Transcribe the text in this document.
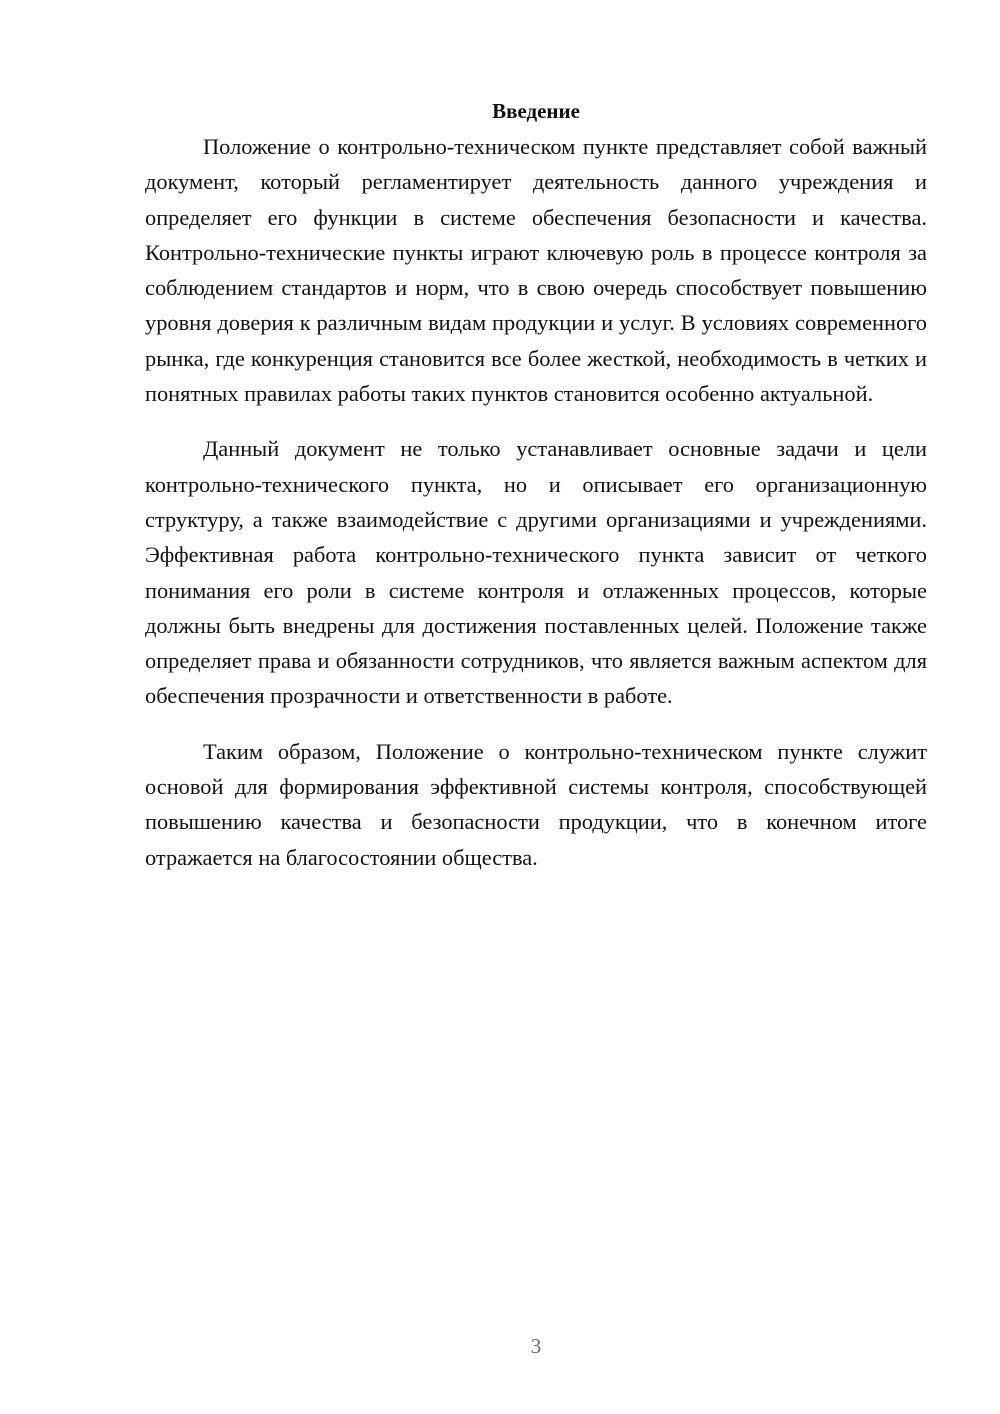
Введение

Положение о контрольно-техническом пункте представляет собой важный документ, который регламентирует деятельность данного учреждения и определяет его функции в системе обеспечения безопасности и качества. Контрольно-технические пункты играют ключевую роль в процессе контроля за соблюдением стандартов и норм, что в свою очередь способствует повышению уровня доверия к различным видам продукции и услуг. В условиях современного рынка, где конкуренция становится все более жесткой, необходимость в четких и понятных правилах работы таких пунктов становится особенно актуальной.

Данный документ не только устанавливает основные задачи и цели контрольно-технического пункта, но и описывает его организационную структуру, а также взаимодействие с другими организациями и учреждениями. Эффективная работа контрольно-технического пункта зависит от четкого понимания его роли в системе контроля и отлаженных процессов, которые должны быть внедрены для достижения поставленных целей. Положение также определяет права и обязанности сотрудников, что является важным аспектом для обеспечения прозрачности и ответственности в работе.

Таким образом, Положение о контрольно-техническом пункте служит основой для формирования эффективной системы контроля, способствующей повышению качества и безопасности продукции, что в конечном итоге отражается на благосостоянии общества.

3
